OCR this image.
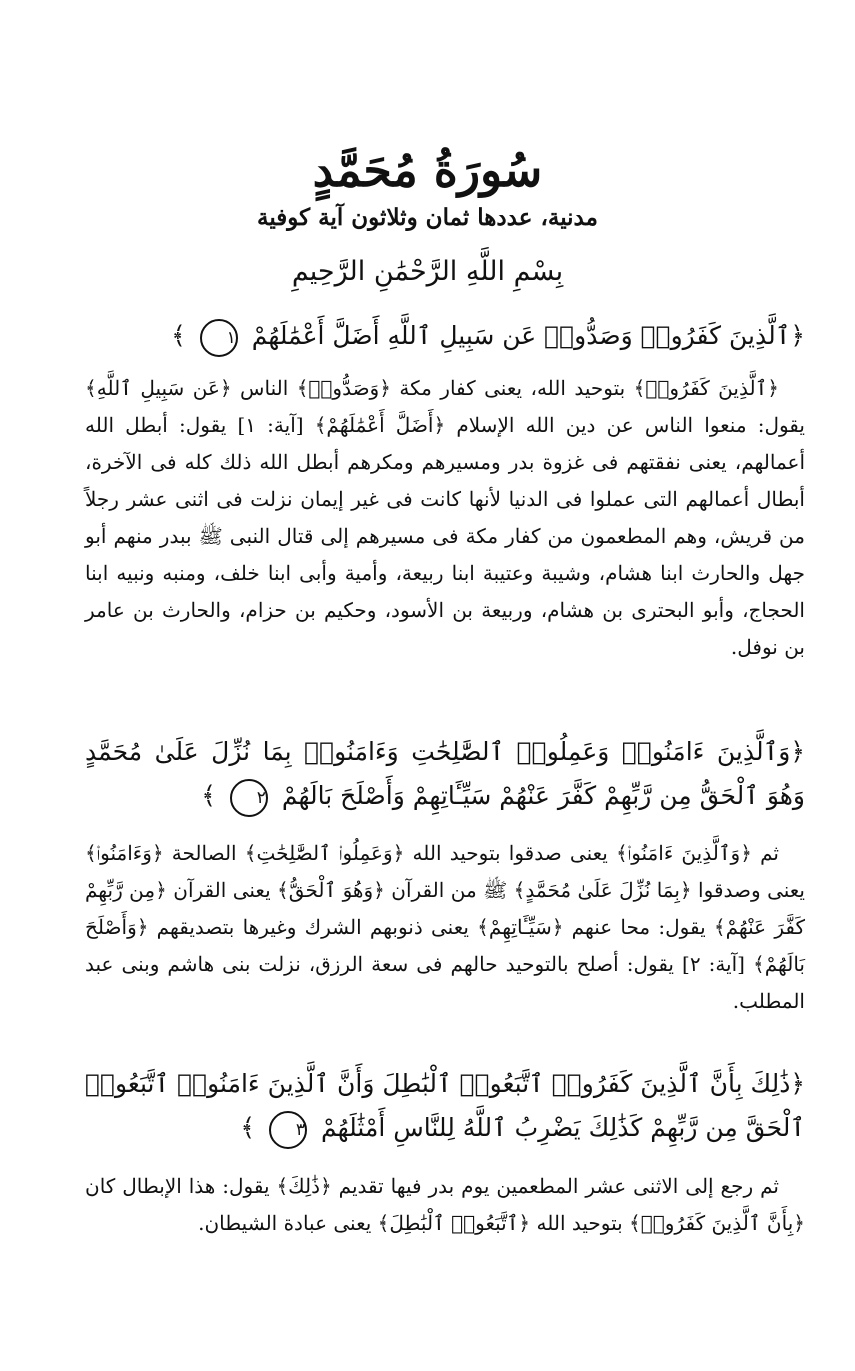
سُورَةُ مُحَمَّدٍ
مدنية، عددها ثمان وثلاثون آية كوفية
بِسْمِ اللَّهِ الرَّحْمَٰنِ الرَّحِيمِ
﴿ٱلَّذِينَ كَفَرُوا۟ وَصَدُّوا۟ عَن سَبِيلِ ٱللَّهِ أَضَلَّ أَعْمَٰلَهُمْ ١ ﴾
﴿ٱلَّذِينَ كَفَرُوا۟﴾ بتوحيد الله، يعنى كفار مكة ﴿وَصَدُّوا۟﴾ الناس ﴿عَن سَبِيلِ ٱللَّهِ﴾ يقول: منعوا الناس عن دين الله الإسلام ﴿أَضَلَّ أَعْمَٰلَهُمْ﴾ [آية: ١] يقول: أبطل الله أعمالهم، يعنى نفقتهم فى غزوة بدر ومسيرهم ومكرهم أبطل الله ذلك كله فى الآخرة، أبطال أعمالهم التى عملوا فى الدنيا لأنها كانت فى غير إيمان نزلت فى اثنى عشر رجلاً من قريش، وهم المطعمون من كفار مكة فى مسيرهم إلى قتال النبى ﷺ ببدر منهم أبو جهل والحارث ابنا هشام، وشيبة وعتيبة ابنا ربيعة، وأمية وأبى ابنا خلف، ومنبه ونبيه ابنا الحجاج، وأبو البحترى بن هشام، وربيعة بن الأسود، وحكيم بن حزام، والحارث بن عامر بن نوفل.
﴿وَٱلَّذِينَ ءَامَنُوا۟ وَعَمِلُوا۟ ٱلصَّٰلِحَٰتِ وَءَامَنُوا۟ بِمَا نُزِّلَ عَلَىٰ مُحَمَّدٍ وَهُوَ ٱلْحَقُّ مِن رَّبِّهِمْ كَفَّرَ عَنْهُمْ سَيِّـَٔاتِهِمْ وَأَصْلَحَ بَالَهُمْ ٢ ﴾
ثم ﴿وَٱلَّذِينَ ءَامَنُوا۟﴾ يعنى صدقوا بتوحيد الله ﴿وَعَمِلُوا۟ ٱلصَّٰلِحَٰتِ﴾ الصالحة ﴿وَءَامَنُوا۟﴾ يعنى وصدقوا ﴿بِمَا نُزِّلَ عَلَىٰ مُحَمَّدٍ﴾ ﷺ من القرآن ﴿وَهُوَ ٱلْحَقُّ﴾ يعنى القرآن ﴿مِن رَّبِّهِمْ كَفَّرَ عَنْهُمْ﴾ يقول: محا عنهم ﴿سَيِّـَٔاتِهِمْ﴾ يعنى ذنوبهم الشرك وغيرها بتصديقهم ﴿وَأَصْلَحَ بَالَهُمْ﴾ [آية: ٢] يقول: أصلح بالتوحيد حالهم فى سعة الرزق، نزلت بنى هاشم وبنى عبد المطلب.
﴿ذَٰلِكَ بِأَنَّ ٱلَّذِينَ كَفَرُوا۟ ٱتَّبَعُوا۟ ٱلْبَٰطِلَ وَأَنَّ ٱلَّذِينَ ءَامَنُوا۟ ٱتَّبَعُوا۟ ٱلْحَقَّ مِن رَّبِّهِمْ كَذَٰلِكَ يَضْرِبُ ٱللَّهُ لِلنَّاسِ أَمْثَٰلَهُمْ ٣ ﴾
ثم رجع إلى الاثنى عشر المطعمين يوم بدر فيها تقديم ﴿ذَٰلِكَ﴾ يقول: هذا الإبطال كان ﴿بِأَنَّ ٱلَّذِينَ كَفَرُوا۟﴾ بتوحيد الله ﴿ٱتَّبَعُوا۟ ٱلْبَٰطِلَ﴾ يعنى عبادة الشيطان.
